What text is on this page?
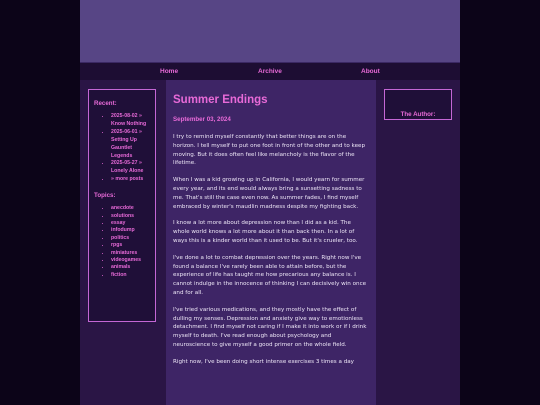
Home	Archive	About
Recent:
• 2025-08-02 » Know Nothing
• 2025-06-01 » Setting Up Gauntlet Legends
• 2025-05-27 » Lonely Alone
• » more posts
Topics:
• anecdote
• solutions
• essay
• infodump
• politics
• rpgs
• miniatures
• videogames
• animals
• fiction
Summer Endings
September 03, 2024

I try to remind myself constantly that better things are on the horizon. I tell myself to put one foot in front of the other and to keep moving. But it does often feel like melancholy is the flavor of the lifetime.

When I was a kid growing up in California, I would yearn for summer every year, and its end would always bring a sunsetting sadness to me. That's still the case even now. As summer fades, I find myself embraced by winter's maudlin madness despite my fighting back.

I know a lot more about depression now than I did as a kid. The whole world knows a lot more about it than back then. In a lot of ways this is a kinder world than it used to be. But it's crueler, too.

I've done a lot to combat depression over the years. Right now I've found a balance I've rarely been able to attain before, but the experience of life has taught me how precarious any balance is. I cannot indulge in the innocence of thinking I can decisively win once and for all.

I've tried various medications, and they mostly have the effect of dulling my senses. Depression and anxiety give way to emotionless detachment. I find myself not caring if I make it into work or if I drink myself to death. I've read enough about psychology and neuroscience to give myself a good primer on the whole field.

Right now, I've been doing short intense exercises 3 times a day

The Author:
